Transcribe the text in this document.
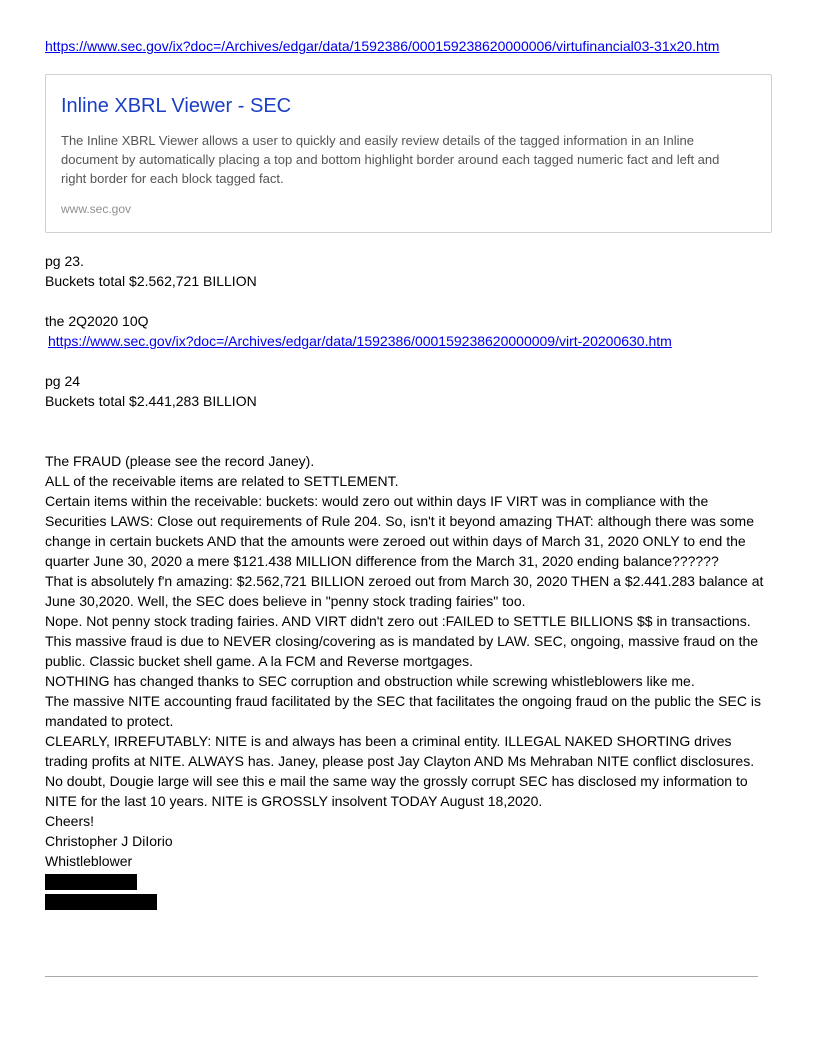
https://www.sec.gov/ix?doc=/Archives/edgar/data/1592386/000159238620000006/virtufinancial03-31x20.htm
Inline XBRL Viewer - SEC
The Inline XBRL Viewer allows a user to quickly and easily review details of the tagged information in an Inline document by automatically placing a top and bottom highlight border around each tagged numeric fact and left and right border for each block tagged fact.
www.sec.gov
pg 23.
Buckets total $2.562,721 BILLION
the 2Q2020 10Q
https://www.sec.gov/ix?doc=/Archives/edgar/data/1592386/000159238620000009/virt-20200630.htm
pg 24
Buckets total $2.441,283 BILLION
The FRAUD (please see the record Janey).
ALL of the receivable items are related to SETTLEMENT.
Certain items within the receivable: buckets: would zero out within days IF VIRT was in compliance with the Securities LAWS: Close out requirements of Rule 204. So, isn't it beyond amazing THAT: although there was some change in certain buckets AND that the amounts were zeroed out within days of March 31, 2020 ONLY to end the quarter June 30, 2020 a mere $121.438 MILLION difference from the March 31, 2020 ending balance??????
That is absolutely f'n amazing: $2.562,721 BILLION zeroed out from March 30, 2020 THEN a $2.441.283 balance at June 30,2020. Well, the SEC does believe in "penny stock trading fairies" too.
Nope. Not penny stock trading fairies. AND VIRT didn't zero out :FAILED to SETTLE BILLIONS $$ in transactions. This massive fraud is due to NEVER closing/covering as is mandated by LAW. SEC, ongoing, massive fraud on the public. Classic bucket shell game. A la FCM and Reverse mortgages.
NOTHING has changed thanks to SEC corruption and obstruction while screwing whistleblowers like me.
The massive NITE accounting fraud facilitated by the SEC that facilitates the ongoing fraud on the public the SEC is mandated to protect.
CLEARLY, IRREFUTABLY: NITE is and always has been a criminal entity. ILLEGAL NAKED SHORTING drives trading profits at NITE. ALWAYS has. Janey, please post Jay Clayton AND Ms Mehraban NITE conflict disclosures. No doubt, Dougie large will see this e mail the same way the grossly corrupt SEC has disclosed my information to NITE for the last 10 years. NITE is GROSSLY insolvent TODAY August 18,2020.
Cheers!
Christopher J DiIorio
Whistleblower
